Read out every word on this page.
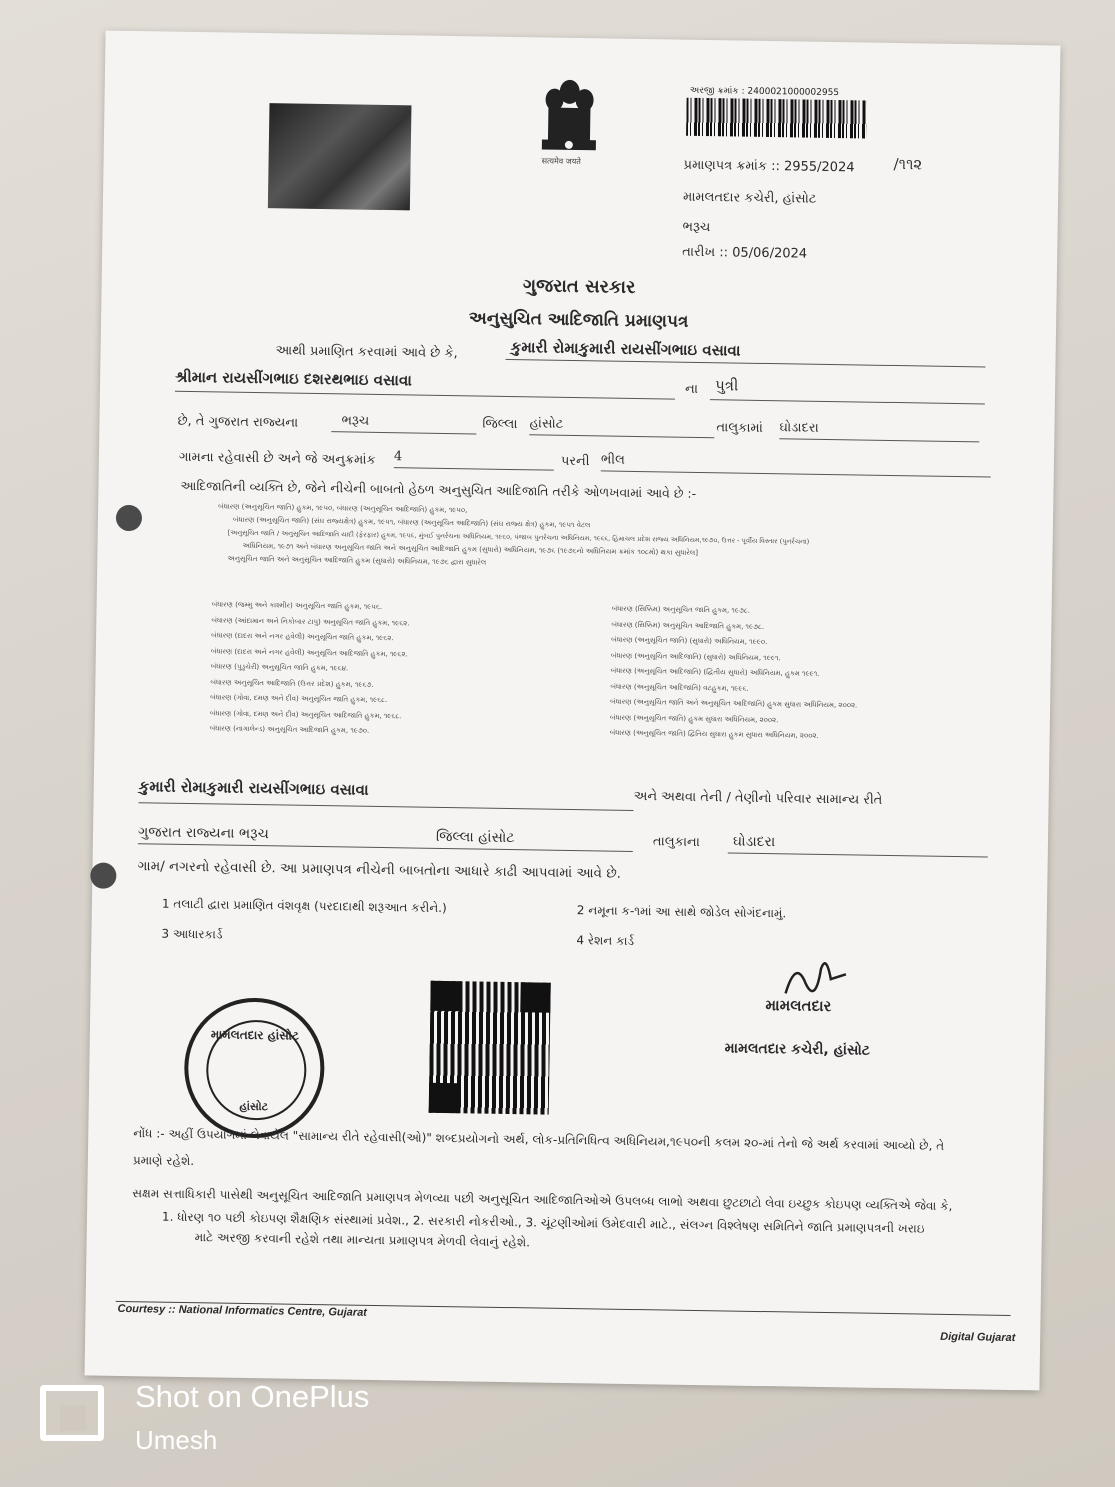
सत्यमेव जयते
અરજી ક્રમાંક : 2400021000002955
પ્રમાણપત્ર ક્રમાંક :: 2955/2024	/૧૧૨
મામલતદાર કચેરી, હાંસોટ
ભરૂચ
તારીખ :: 05/06/2024
ગુજરાત સરકાર
અનુસુચિત આદિજાતિ પ્રમાણપત્ર
આથી પ્રમાણિત કરવામાં આવે છે કે,	કુમારી રોમાકુમારી રાયસીંગભાઇ વસાવા
શ્રીમાન રાયસીંગભાઇ દશરથભાઇ વસાવા	ના	પુત્રી
છે, તે ગુજરાત રાજ્યના	ભરૂચ	જિલ્લા હાંસોટ	તાલુકામાં ઘોડાદરા
ગામના રહેવાસી છે અને જે અનુક્રમાંક 4	પરની ભીલ
આદિજાતિની વ્યક્તિ છે, જેને નીચેની બાબતો હેઠળ અનુસુચિત આદિજાતિ તરીકે ઓળખવામાં આવે છે :-
બંધારણ (અનુસૂચિત જાતિ) હુકમ, ૧૯૫૦, બંધારણ (અનુસૂચિત આદિજાતિ) હુકમ, ૧૯૫૦,
બંધારણ (અનુસૂચિત જાતિ) (સંઘ રાજ્યક્ષેત્ર) હુકમ, ૧૯૫૧, બંધારણ (અનુસૂચિત આદિજાતિ) (સંઘ રાજ્ય ક્ષેત્ર) હુકમ, ૧૯૫૧ વેટલ
[અનુસૂચિત જાતિ / અનુસૂચિત આદિજાતિ યાદી (ફેરફાર) હુકમ, ૧૯૫૬, મુંબઈ પુનર્રચના અધિનિયમ, ૧૯૬૦, પંજાબ પુનર્રચના અધિનિયમ, ૧૯૬૬, હિમાચલ પ્રદેશ રાજ્ય અધિનિયમ,૧૯૭૦, ઉત્તર - પૂર્વીય વિસ્તાર (પુનર્રચના)
અધિનિયમ, ૧૯૭૧ અને બંધારણ અનુસૂચિત જાતિ અને અનુસૂચિત આદિજાતિ હુકમ (સુધારો) અધિનિયમ, ૧૯૭૬ (૧૯૭૬નો અધિનિયમ ક્રમાંક ૧૦૮મો) થકા સુધારેલ]
અનુસૂચિત જાતિ અને અનુસૂચિત આદિજાતિ હુકમ (સુધારો) અધિનિયમ, ૧૯૭૬ દ્વારા સુધારેલ
બંધારણ (જમ્મુ અને કાશ્મીર) અનુસૂચિત જાતિ હુકમ, ૧૯૫૬.
બંધારણ (આંદામાન અને નિકોબાર ટાપુ) અનુસૂચિત જાતિ હુકમ, ૧૯૬૨.
બંધારણ (દાદરા અને નગર હવેલી) અનુસૂચિત જાતિ હુકમ, ૧૯૬૨.
બંધારણ (દાદરા અને નગર હવેલી) અનુસૂચિત આદિજાતિ હુકમ, ૧૯૬૨.
બંધારણ (પુડુચેરી) અનુસૂચિત જાતિ હુકમ, ૧૯૬૪.
બંધારણ અનુસૂચિત આદિજાતિ (ઉત્તર પ્રદેશ) હુકમ, ૧૯૬૭.
બંધારણ (ગોવા, દમણ અને દીવ) અનુસૂચિત જાતિ હુકમ, ૧૯૬૮.
બંધારણ (ગોવા, દમણ અને દીવ) અનુસૂચિત આદિજાતિ હુકમ, ૧૯૬૮.
બંધારણ (નાગાલેન્ડ) અનુસૂચિત આદિજાતિ હુકમ, ૧૯૭૦.
બંધારણ (સિક્કિમ) અનુસૂચિત જાતિ હુકમ, ૧૯૭૮.
બંધારણ (સિક્કિમ) અનુસૂચિત આદિજાતિ હુકમ, ૧૯૭૮.
બંધારણ (અનુસૂચિત જાતિ) (સુધારો) અધિનિયમ, ૧૯૯૦.
બંધારણ (અનુસૂચિત આદિજાતિ) (સુધારો) અધિનિયમ, ૧૯૯૧.
બંધારણ (અનુસૂચિત આદિજાતિ) (દ્વિતીય સુધારો) અધિનિયમ, હુકમ ૧૯૯૧.
બંધારણ (અનુસૂચિત આદિજાતિ) વટહુકમ, ૧૯૯૬.
બંધારણ (અનુસૂચિત જાતિ અને અનુસૂચિત આદિજાતિ) હુકમ સુધારા અધિનિયમ, ૨૦૦૨.
બંધારણ (અનુસૂચિત જાતિ) હુકમ સુધારા અધિનિયમ, ૨૦૦૨.
બંધારણ (અનુસૂચિત જાતિ) દ્વિતિય સુધારા હુકમ સુધારા અધિનિયમ, ૨૦૦૨.
કુમારી રોમાકુમારી રાયસીંગભાઇ વસાવા	અને અથવા તેની / તેણીનો પરિવાર સામાન્ય રીતે
ગુજરાત રાજ્યના ભરૂચ	જિલ્લા હાંસોટ	તાલુકાના	ઘોડાદરા
ગામ/ નગરનો રહેવાસી છે. આ પ્રમાણપત્ર નીચેની બાબતોના આધારે કાઢી આપવામાં આવે છે.
1 તલાટી દ્વારા પ્રમાણિત વંશવૃક્ષ (પરદાદાથી શરૂઆત કરીને.)	2 નમૂના ક-૧માં આ સાથે જોડેલ સોગંદનામું.
3 આધારકાર્ડ	4 રેશન કાર્ડ
મામલતદાર હાંસોટ
હાંસોટ
મામલતદાર
મામલતદાર કચેરી, હાંસોટ
નોંધ :- અહીં ઉપયોગમાં લેવાયેલ "સામાન્ય રીતે રહેવાસી(ઓ)" શબ્દપ્રયોગનો અર્થ, લોક-પ્રતિનિધિત્વ અધિનિયમ,૧૯૫૦ની કલમ ૨૦-માં તેનો જે અર્થ કરવામાં આવ્યો છે, તે
પ્રમાણે રહેશે.
સક્ષમ સત્તાધિકારી પાસેથી અનુસૂચિત આદિજાતિ પ્રમાણપત્ર મેળવ્યા પછી અનુસૂચિત આદિજાતિઓએ ઉપલબ્ધ લાભો અથવા છુટછાટો લેવા ઇચ્છુક કોઇપણ વ્યક્તિએ જેવા કે,
1. ધોરણ ૧૦ પછી કોઇપણ શૈક્ષણિક સંસ્થામાં પ્રવેશ., 2. સરકારી નોકરીઓ., 3. ચૂંટણીઓમાં ઉમેદવારી માટે., સંલગ્ન વિશ્લેષણ સમિતિને જાતિ પ્રમાણપત્રની ખરાઇ
માટે અરજી કરવાની રહેશે તથા માન્યતા પ્રમાણપત્ર મેળવી લેવાનું રહેશે.
Courtesy :: National Informatics Centre, Gujarat
Digital Gujarat
Shot on OnePlus
Umesh
